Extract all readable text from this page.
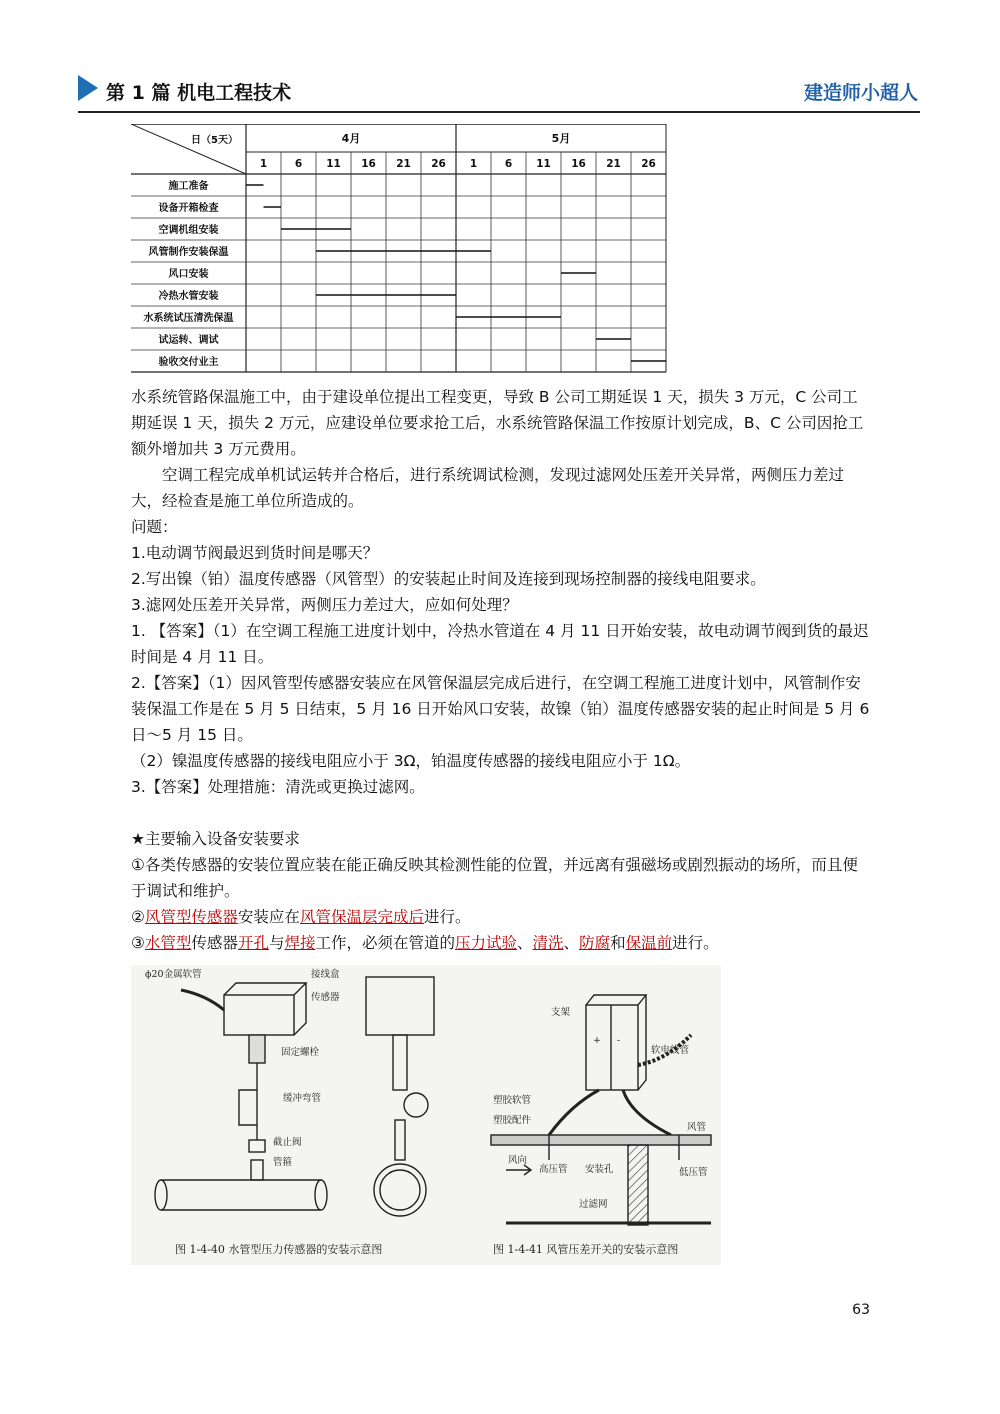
第 1 篇 机电工程技术	建造师小超人
日（5天）	4月	5月
1	6 11 16 21 26 1	6 11 16 21 26
施工准备
设备开箱检查
空调机组安装
风管制作安装保温
风口安装
冷热水管安装
水系统试压清洗保温
试运转、调试
验收交付业主

水系统管路保温施工中，由于建设单位提出工程变更，导致 B 公司工期延误 1 天，损失 3 万元，C 公司工期延误 1 天，损失 2 万元，应建设单位要求抢工后，水系统管路保温工作按原计划完成，B、C 公司因抢工额外增加共 3 万元费用。

空调工程完成单机试运转并合格后，进行系统调试检测，发现过滤网处压差开关异常，两侧压力差过大，经检查是施工单位所造成的。

问题：

1.电动调节阀最迟到货时间是哪天？

2.写出镍（铂）温度传感器（风管型）的安装起止时间及连接到现场控制器的接线电阻要求。

3.滤网处压差开关异常，两侧压力差过大，应如何处理？

1. 【答案】（1）在空调工程施工进度计划中，冷热水管道在 4 月 11 日开始安装，故电动调节阀到货的最迟时间是 4 月 11 日。

2.【答案】（1）因风管型传感器安装应在风管保温层完成后进行，在空调工程施工进度计划中，风管制作安装保温工作是在 5 月 5 日结束，5 月 16 日开始风口安装，故镍（铂）温度传感器安装的起止时间是 5 月 6 日～5 月 15 日。

（2）镍温度传感器的接线电阻应小于 3Ω，铂温度传感器的接线电阻应小于 1Ω。

3.【答案】处理措施：清洗或更换过滤网。

★主要输入设备安装要求

①各类传感器的安装位置应装在能正确反映其检测性能的位置，并远离有强磁场或剧烈振动的场所，而且便于调试和维护。

②风管型传感器安装应在风管保温层完成后进行。

③水管型传感器开孔与焊接工作，必须在管道的压力试验、清洗、防腐和保温前进行。

ϕ20金属软管	接线盒
传感器
固定螺栓
缓冲弯管
截止阀
管箍
图 1-4-40 水管型压力传感器的安装示意图
支架
软电线管
塑胶软管
塑胶配件
风管
风向
高压管 安装孔	低压管
过滤网
+ -
图 1-4-41 风管压差开关的安装示意图
63
